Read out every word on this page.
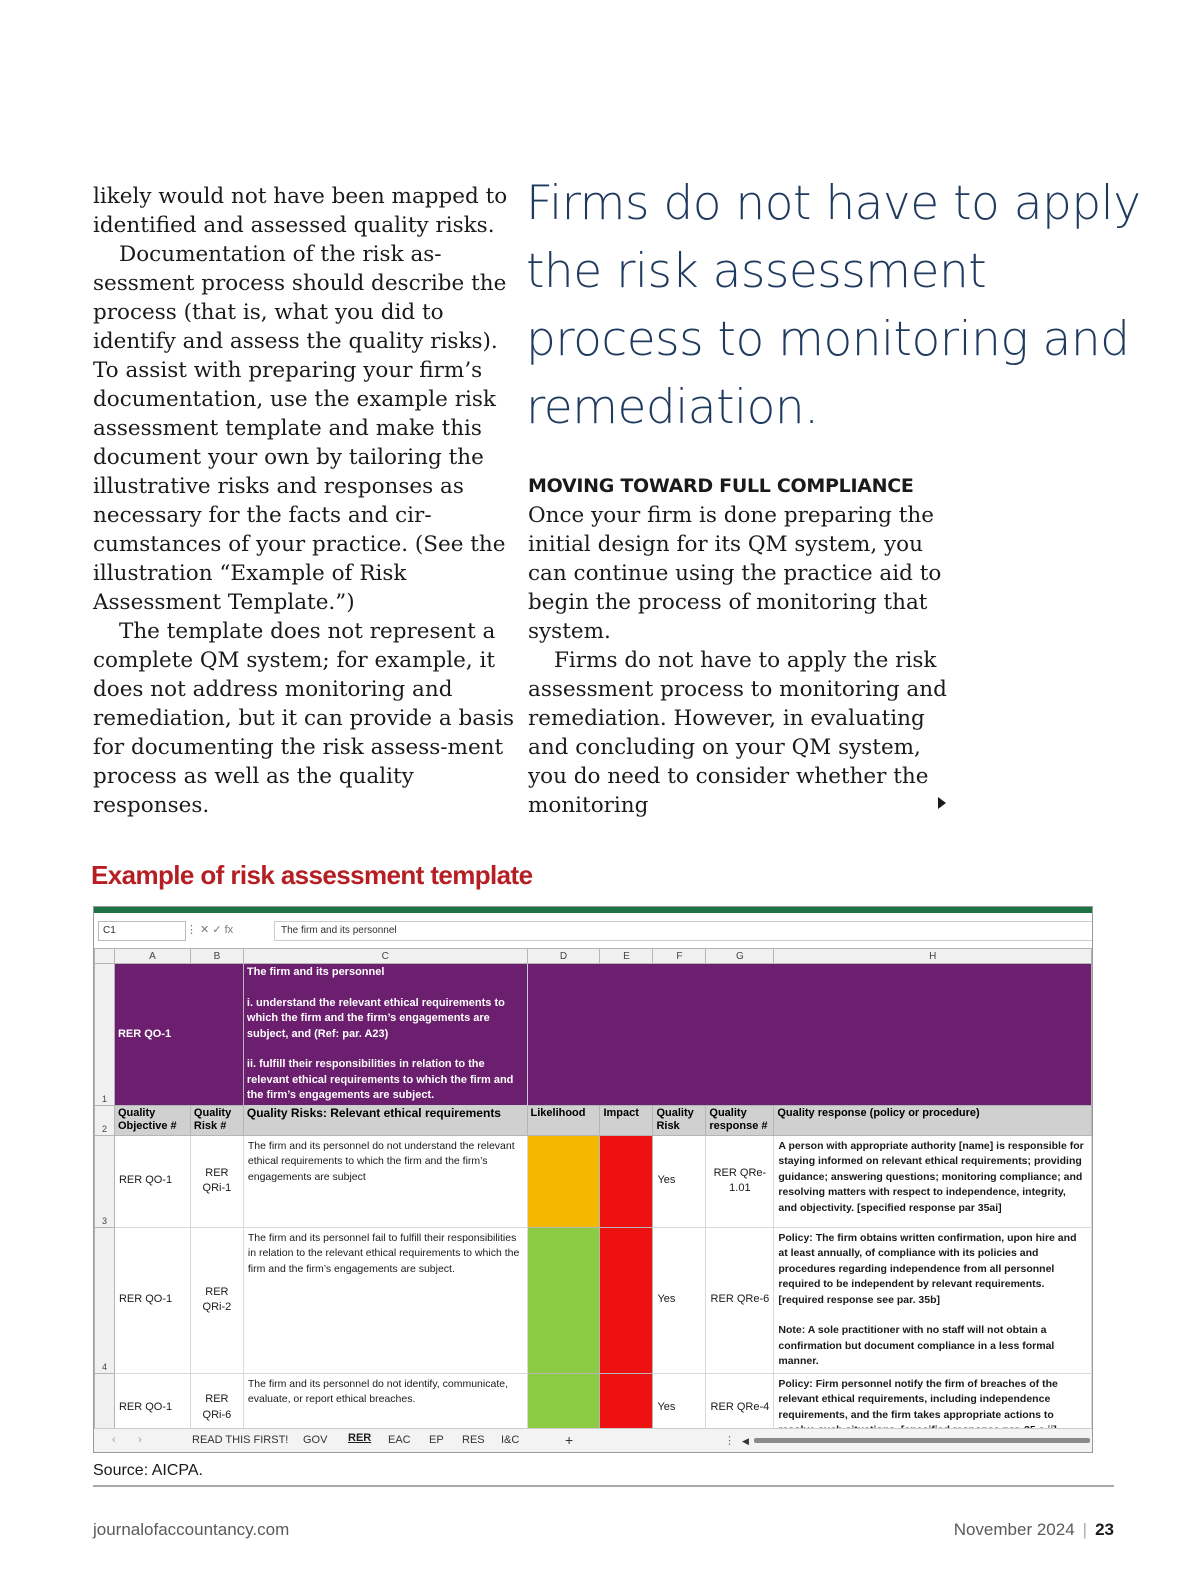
likely would not have been mapped to identified and assessed quality risks.

Documentation of the risk as-sessment process should describe the process (that is, what you did to identify and assess the quality risks). To assist with preparing your firm’s documentation, use the example risk assessment template and make this document your own by tailoring the illustrative risks and responses as necessary for the facts and cir-cumstances of your practice. (See the illustration “Example of Risk Assessment Template.”)

The template does not represent a complete QM system; for example, it does not address monitoring and remediation, but it can provide a basis for documenting the risk assess-ment process as well as the quality responses.

Firms do not have to apply the risk assessment process to monitoring and remediation.
MOVING TOWARD FULL COMPLIANCE

Once your firm is done preparing the initial design for its QM system, you can continue using the practice aid to begin the process of monitoring that system.

Firms do not have to apply the risk assessment process to monitoring and remediation. However, in evaluating and concluding on your QM system, you do need to consider whether the monitoring

Example of risk assessment template
C1	⋮ ✕ ✓ fx	The firm and its personnel
	A	B	C	D	E	F	G	H
1	RER QO-1		The firm and its personnel
i. understand the relevant ethical requirements to which the firm and the firm’s engagements are subject, and (Ref: par. A23)
ii. fulfill their responsibilities in relation to the relevant ethical requirements to which the firm and the firm’s engagements are subject.					

2	Quality Objective #	Quality Risk #	Quality Risks: Relevant ethical requirements	Likelihood	Impact	Quality Risk	Quality response #	Quality response (policy or procedure)
3	RER QO-1	RER QRi-1	The firm and its personnel do not understand the relevant ethical requirements to which the firm and the firm’s engagements are subject			Yes	RER QRe-1.01	A person with appropriate authority [name] is responsible for staying informed on relevant ethical requirements; providing guidance; answering questions; monitoring compliance; and resolving matters with respect to independence, integrity, and objectivity. [specified response par 35ai]

4	RER QO-1	RER QRi-2	The firm and its personnel fail to fulfill their responsibilities in relation to the relevant ethical requirements to which the firm and the firm’s engagements are subject.			Yes	RER QRe-6	Policy: The firm obtains written confirmation, upon hire and at least annually, of compliance with its policies and procedures regarding independence from all personnel required to be independent by relevant requirements. [required response see par. 35b]
Note: A sole practitioner with no staff will not obtain a confirmation but document compliance in a less formal manner.

	RER QO-1	RER QRi-6	The firm and its personnel do not identify, communicate, evaluate, or report ethical breaches.			Yes	RER QRe-4	Policy: Firm personnel notify the firm of breaches of the relevant ethical requirements, including independence requirements, and the firm takes appropriate actions to
‹ ›	READ THIS FIRST! GOV RER EAC EP RES I&C	+	⋮ ◀
Source: AICPA.
journalofaccountancy.com	November 2024 | 23
